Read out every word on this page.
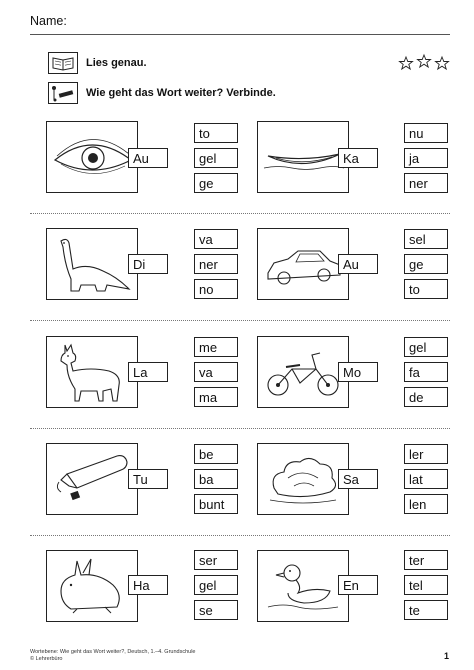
Name:
Lies genau.
Wie geht das Wort weiter? Verbinde.
Au
to
gel
ge
Ka
nu
ja
ner
Di
va
ner
no
Au
sel
ge
to
La
me
va
ma
Mo
gel
fa
de
Tu
be
ba
bunt
Sa
ler
lat
len
Ha
ser
gel
se
En
ter
tel
te
Wortebene: Wie geht das Wort weiter?, Deutsch, 1.–4. Grundschule
© Lehrerbüro	1
